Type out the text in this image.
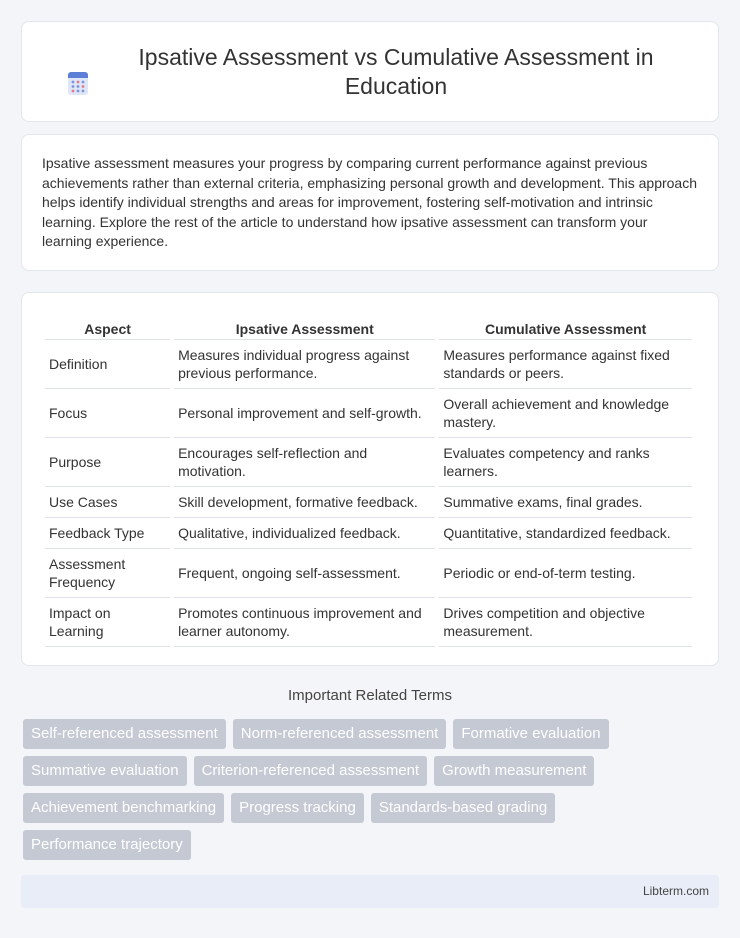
Ipsative Assessment vs Cumulative Assessment in Education

Ipsative assessment measures your progress by comparing current performance against previous achievements rather than external criteria, emphasizing personal growth and development. This approach helps identify individual strengths and areas for improvement, fostering self-motivation and intrinsic learning. Explore the rest of the article to understand how ipsative assessment can transform your learning experience.

Aspect	Ipsative Assessment	Cumulative Assessment
Definition	Measures individual progress against previous performance.	Measures performance against fixed standards or peers.
Focus	Personal improvement and self-growth.	Overall achievement and knowledge mastery.
Purpose	Encourages self-reflection and motivation.	Evaluates competency and ranks learners.
Use Cases	Skill development, formative feedback.	Summative exams, final grades.
Feedback Type	Qualitative, individualized feedback.	Quantitative, standardized feedback.
Assessment Frequency	Frequent, ongoing self-assessment.	Periodic or end-of-term testing.
Impact on Learning	Promotes continuous improvement and learner autonomy.	Drives competition and objective measurement.
Important Related Terms
Self-referenced assessment	Norm-referenced assessment	Formative evaluation
Summative evaluation	Criterion-referenced assessment	Growth measurement
Achievement benchmarking	Progress tracking	Standards-based grading
Performance trajectory
Libterm.com
